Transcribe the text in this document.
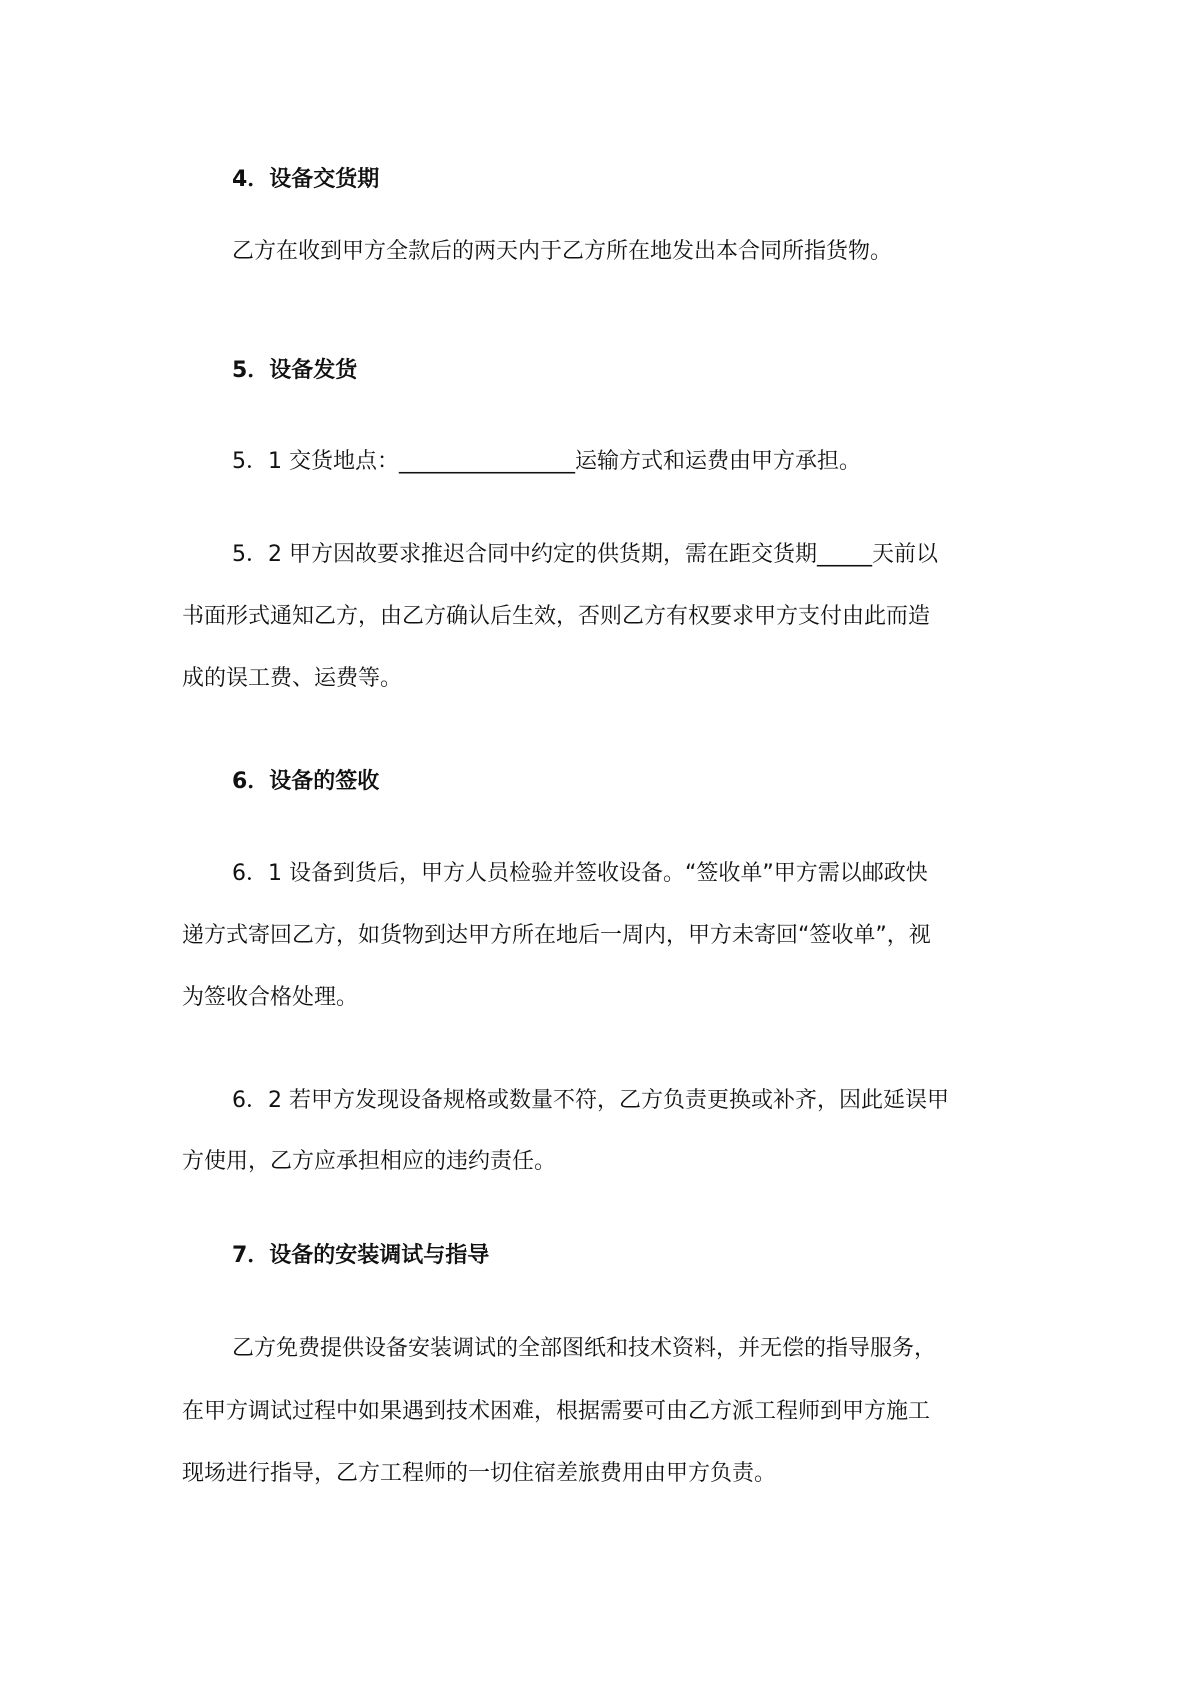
4．设备交货期

乙方在收到甲方全款后的两天内于乙方所在地发出本合同所指货物。

5．设备发货

5．1 交货地点：________________运输方式和运费由甲方承担。

5．2 甲方因故要求推迟合同中约定的供货期，需在距交货期_____天前以

书面形式通知乙方，由乙方确认后生效，否则乙方有权要求甲方支付由此而造

成的误工费、运费等。

6．设备的签收

6．1 设备到货后，甲方人员检验并签收设备。“签收单”甲方需以邮政快

递方式寄回乙方，如货物到达甲方所在地后一周内，甲方未寄回“签收单”，视

为签收合格处理。

6．2 若甲方发现设备规格或数量不符，乙方负责更换或补齐，因此延误甲

方使用，乙方应承担相应的违约责任。

7．设备的安装调试与指导

乙方免费提供设备安装调试的全部图纸和技术资料，并无偿的指导服务，

在甲方调试过程中如果遇到技术困难，根据需要可由乙方派工程师到甲方施工

现场进行指导，乙方工程师的一切住宿差旅费用由甲方负责。
